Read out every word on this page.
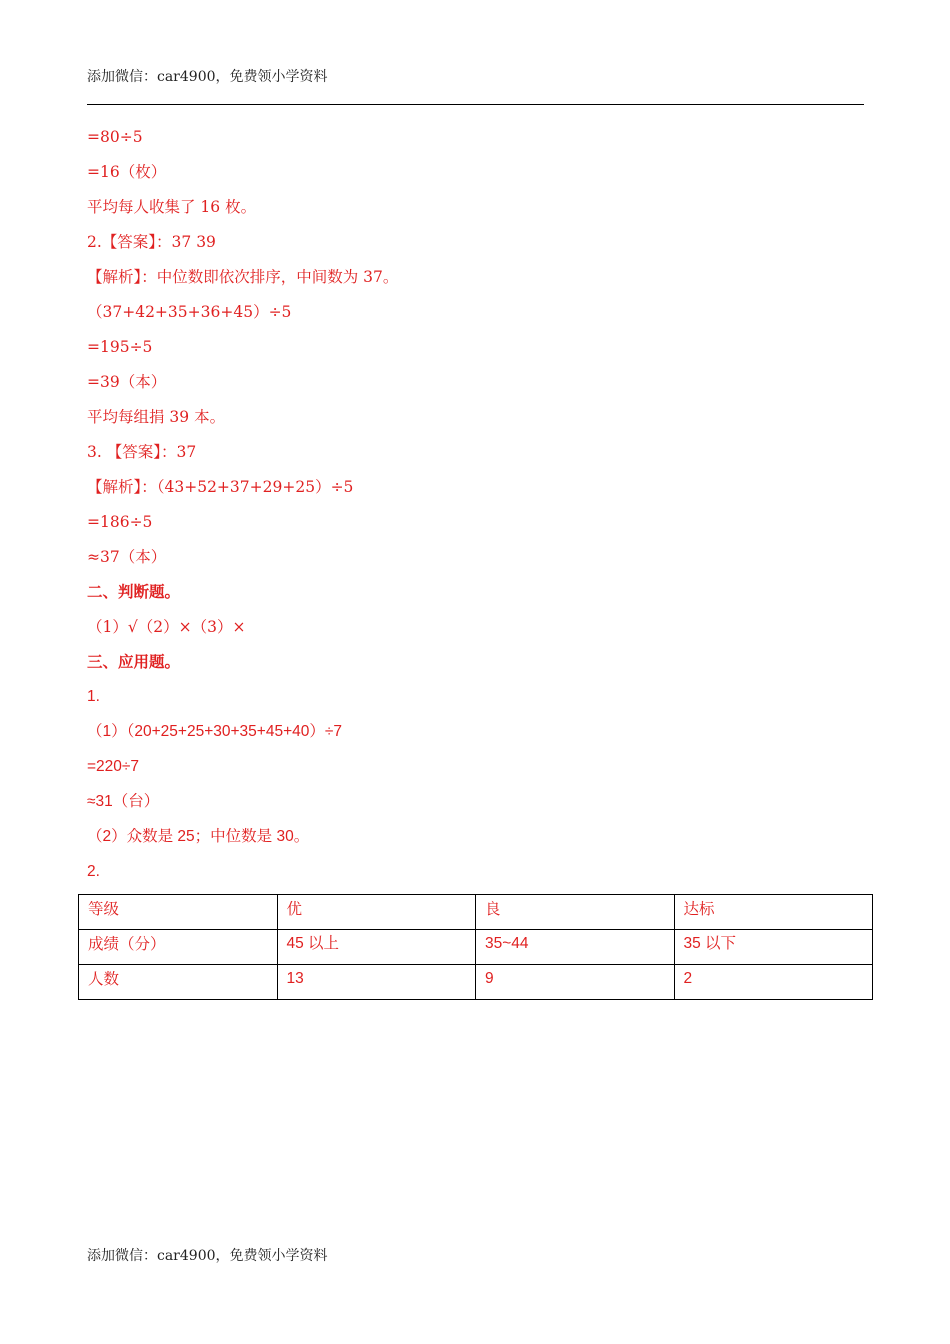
添加微信：car4900，免费领小学资料
=80÷5
=16（枚）
平均每人收集了 16 枚。
2.【答案】：37 39
【解析】：中位数即依次排序，中间数为 37。
（37+42+35+36+45）÷5
=195÷5
=39（本）
平均每组捐 39 本。
3. 【答案】：37
【解析】：（43+52+37+29+25）÷5
=186÷5
≈37（本）
二、判断题。
（1）√（2）×（3）×
三、应用题。
1.
（1）（20+25+25+30+35+45+40）÷7
=220÷7
≈31（台）
（2）众数是 25；中位数是 30。
2.
等级	优	良	达标
成绩（分）	45 以上	35~44	35 以下
人数	13	9	2
添加微信：car4900，免费领小学资料
